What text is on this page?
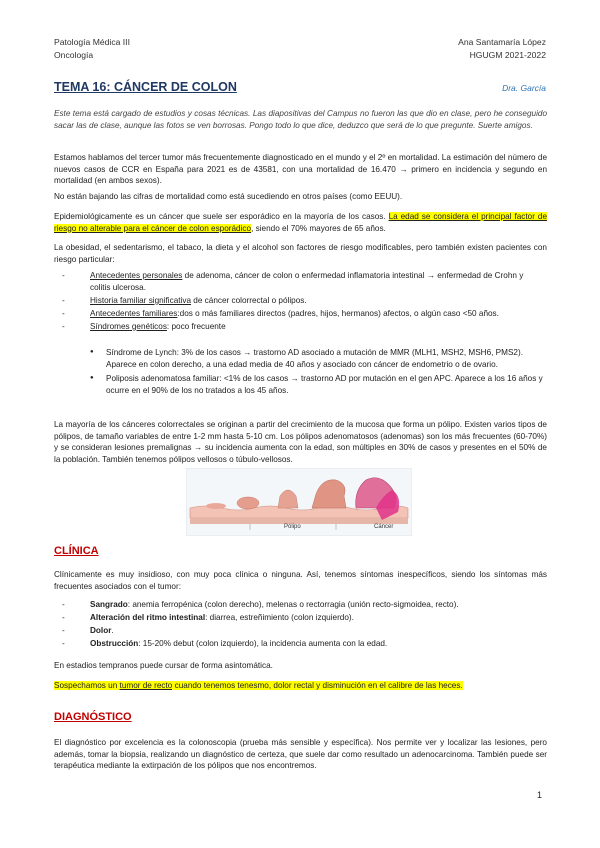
Patología Médica III
Oncología
Ana Santamaría López
HGUGM 2021-2022
TEMA 16: CÁNCER DE COLON	Dra. García
Este tema está cargado de estudios y cosas técnicas. Las diapositivas del Campus no fueron las que dio en clase, pero he conseguido sacar las de clase, aunque las fotos se ven borrosas. Pongo todo lo que dice, deduzco que será de lo que pregunte. Suerte amigos.
Estamos hablamos del tercer tumor más frecuentemente diagnosticado en el mundo y el 2º en mortalidad. La estimación del número de nuevos casos de CCR en España para 2021 es de 43581, con una mortalidad de 16.470 → primero en incidencia y segundo en mortalidad (en ambos sexos).
No están bajando las cifras de mortalidad como está sucediendo en otros países (como EEUU).
Epidemiológicamente es un cáncer que suele ser esporádico en la mayoría de los casos. La edad se considera el principal factor de riesgo no alterable para el cáncer de colon esporádico, siendo el 70% mayores de 65 años.
La obesidad, el sedentarismo, el tabaco, la dieta y el alcohol son factores de riesgo modificables, pero también existen pacientes con riesgo particular:
- Antecedentes personales de adenoma, cáncer de colon o enfermedad inflamatoria intestinal → enfermedad de Crohn y colitis ulcerosa.
- Historia familiar significativa de cáncer colorrectal o pólipos.
- Antecedentes familiares:dos o más familiares directos (padres, hijos, hermanos) afectos, o algún caso <50 años.
- Síndromes genéticos: poco frecuente
● Síndrome de Lynch: 3% de los casos → trastorno AD asociado a mutación de MMR (MLH1, MSH2, MSH6, PMS2). Aparece en colon derecho, a una edad media de 40 años y asociado con cáncer de endometrio o de ovario.
● Poliposis adenomatosa familiar: <1% de los casos → trastorno AD por mutación en el gen APC. Aparece a los 16 años y ocurre en el 90% de los no tratados a los 45 años.
La mayoría de los cánceres colorrectales se originan a partir del crecimiento de la mucosa que forma un pólipo. Existen varios tipos de pólipos, de tamaño variables de entre 1-2 mm hasta 5-10 cm. Los pólipos adenomatosos (adenomas) son los más frecuentes (60-70%) y se consideran lesiones premalignas → su incidencia aumenta con la edad, son múltiples en 30% de casos y presentes en el 50% de la población. También tenemos pólipos vellosos o túbulo-vellosos.
Pólipo	Cáncer
CLÍNICA
Clínicamente es muy insidioso, con muy poca clínica o ninguna. Así, tenemos síntomas inespecíficos, siendo los síntomas más frecuentes asociados con el tumor:
- Sangrado: anemia ferropénica (colon derecho), melenas o rectorragia (unión recto-sigmoidea, recto).
- Alteración del ritmo intestinal: diarrea, estreñimiento (colon izquierdo).
- Dolor.
- Obstrucción: 15-20% debut (colon izquierdo), la incidencia aumenta con la edad.
En estadios tempranos puede cursar de forma asintomática.
Sospechamos un tumor de recto cuando tenemos tenesmo, dolor rectal y disminución en el calibre de las heces.
DIAGNÓSTICO
El diagnóstico por excelencia es la colonoscopia (prueba más sensible y específica). Nos permite ver y localizar las lesiones, pero además, tomar la biopsia, realizando un diagnóstico de certeza, que suele dar como resultado un adenocarcinoma. También puede ser terapéutica mediante la extirpación de los pólipos que nos encontremos.
1
